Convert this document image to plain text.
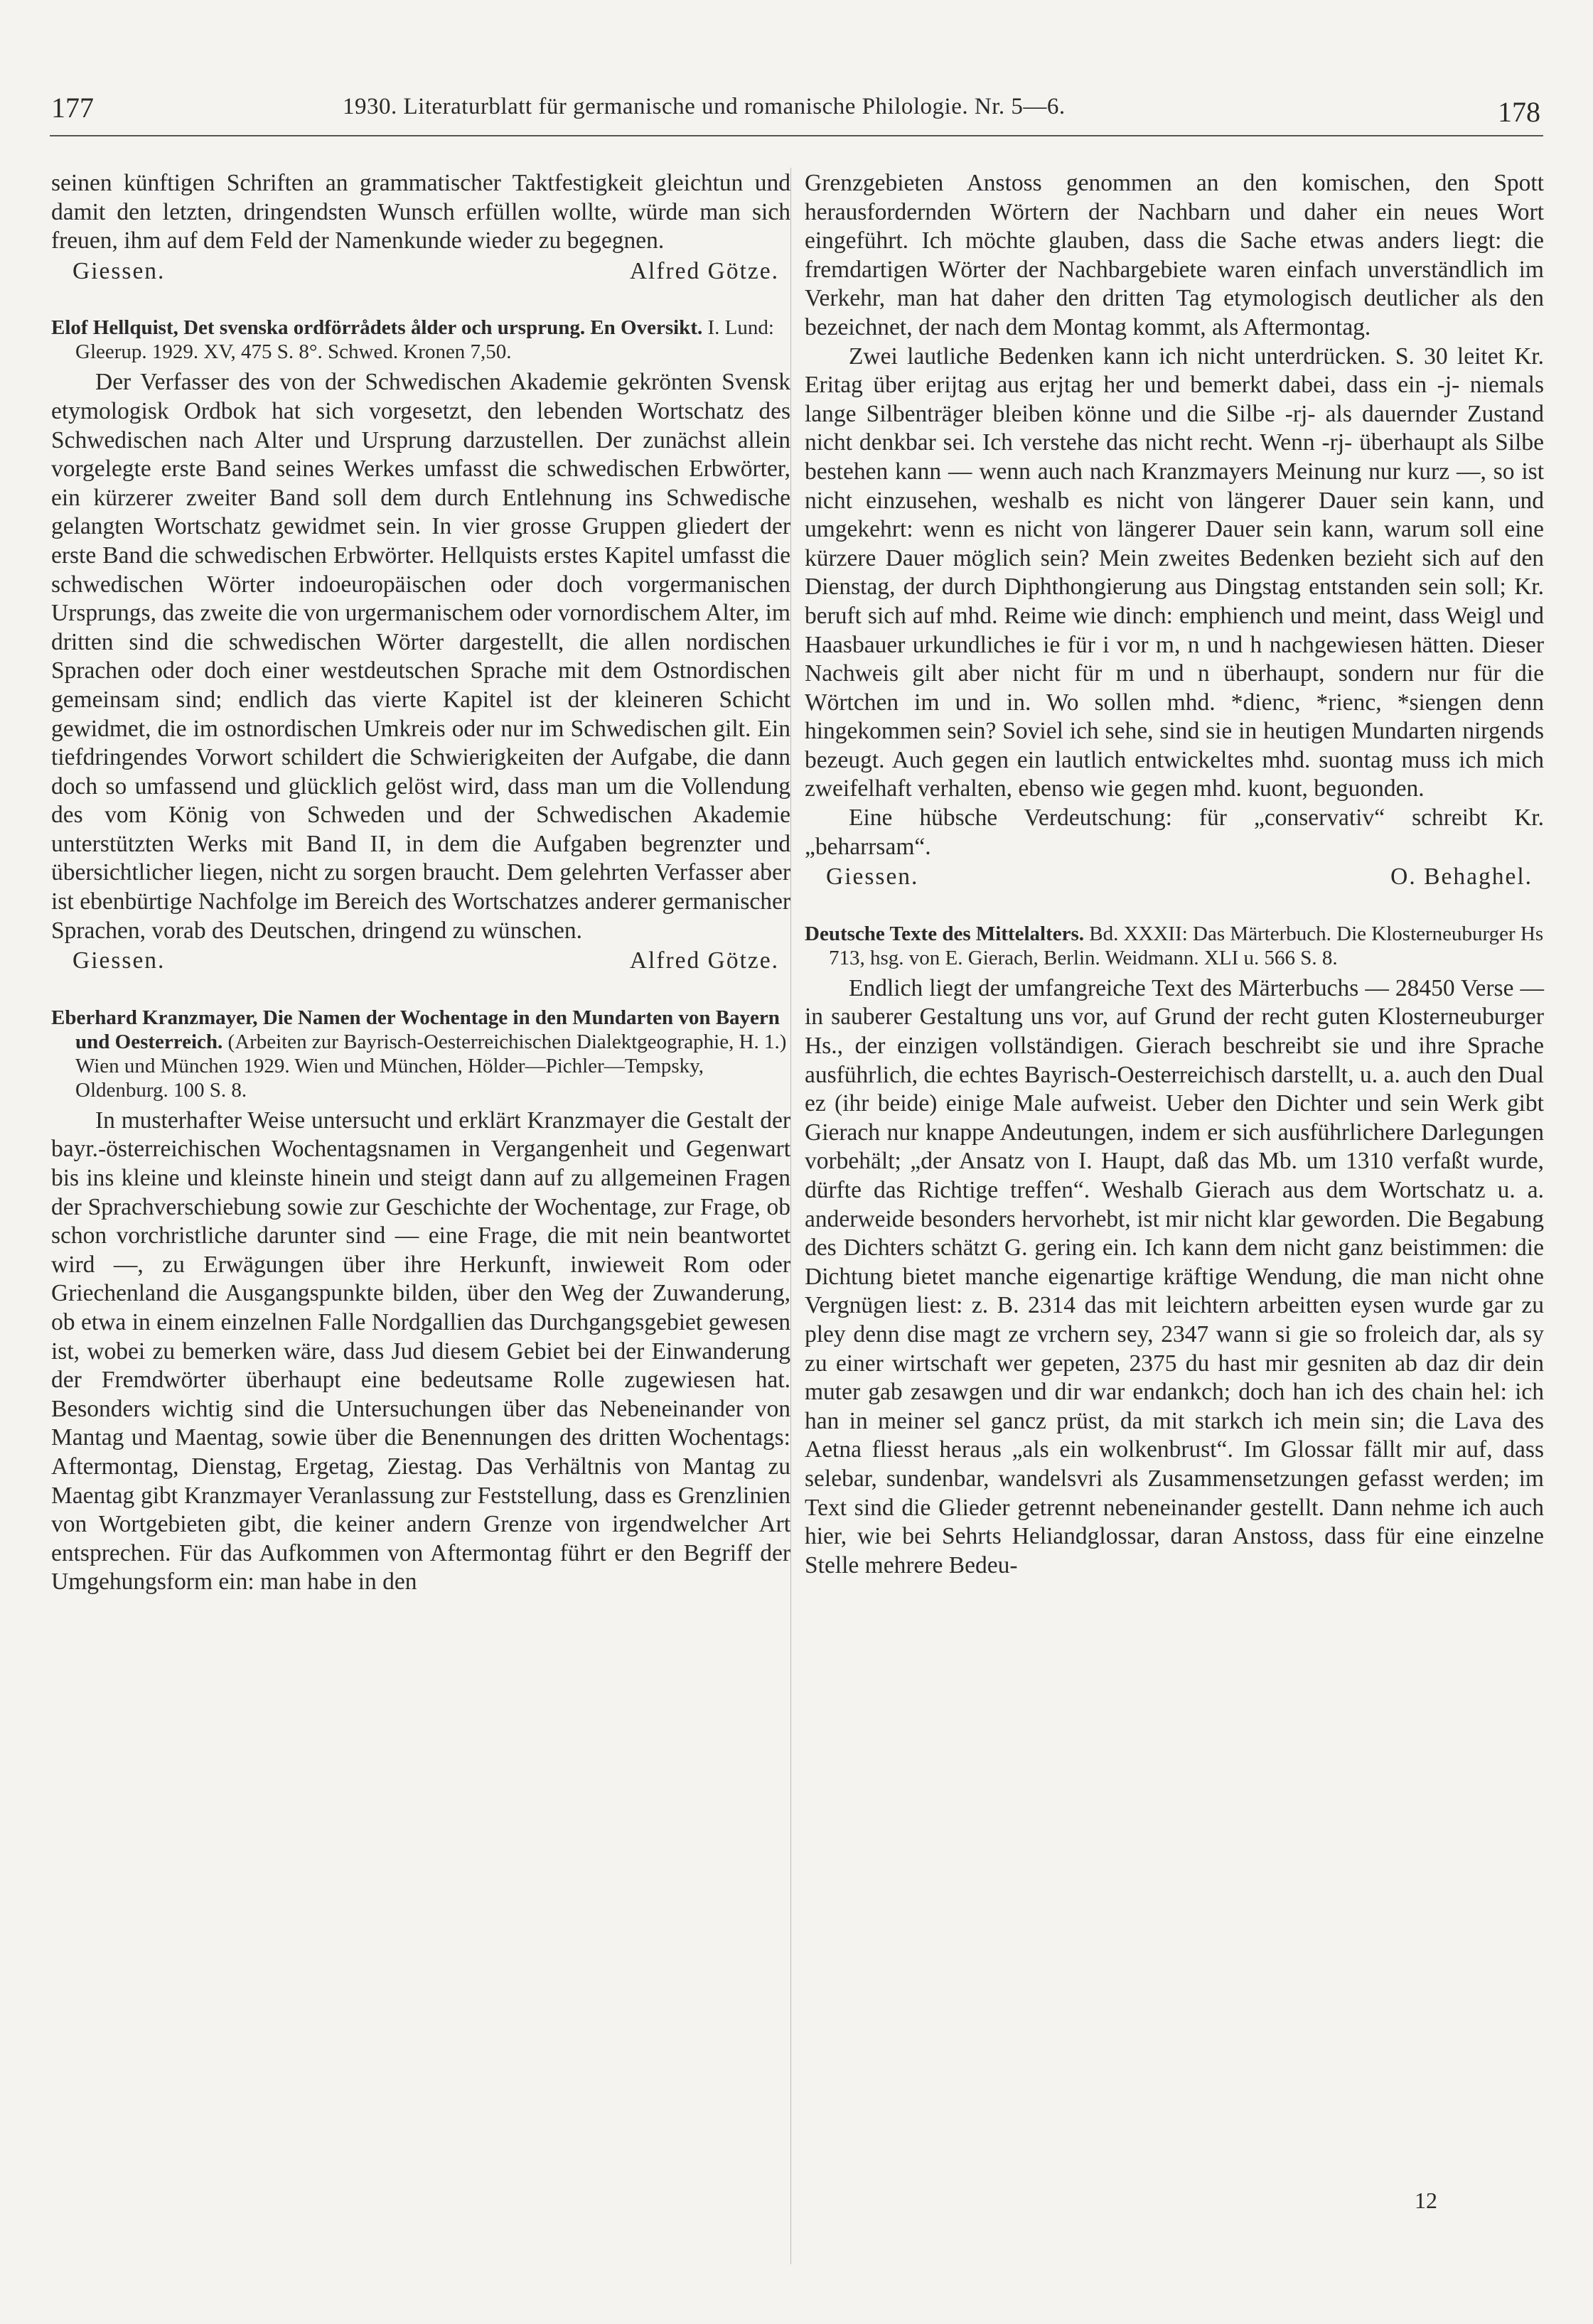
177	1930. Literaturblatt für germanische und romanische Philologie. Nr. 5—6.	178

seinen künftigen Schriften an grammatischer Taktfestigkeit gleichtun und damit den letzten, dringendsten Wunsch erfüllen wollte, würde man sich freuen, ihm auf dem Feld der Namenkunde wieder zu begegnen.

Giessen.	Alfred Götze.
Elof Hellquist, Det svenska ordförrådets ålder och ursprung. En Oversikt. I. Lund: Gleerup. 1929. XV, 475 S. 8°. Schwed. Kronen 7,50.

Der Verfasser des von der Schwedischen Akademie gekrönten Svensk etymologisk Ordbok hat sich vorgesetzt, den lebenden Wortschatz des Schwedischen nach Alter und Ursprung darzustellen. Der zunächst allein vorgelegte erste Band seines Werkes umfasst die schwedischen Erbwörter, ein kürzerer zweiter Band soll dem durch Entlehnung ins Schwedische gelangten Wortschatz gewidmet sein. In vier grosse Gruppen gliedert der erste Band die schwedischen Erbwörter. Hellquists erstes Kapitel umfasst die schwedischen Wörter indoeuropäischen oder doch vorgermanischen Ursprungs, das zweite die von urgermanischem oder vornordischem Alter, im dritten sind die schwedischen Wörter dargestellt, die allen nordischen Sprachen oder doch einer westdeutschen Sprache mit dem Ostnordischen gemeinsam sind; endlich das vierte Kapitel ist der kleineren Schicht gewidmet, die im ostnordischen Umkreis oder nur im Schwedischen gilt. Ein tiefdringendes Vorwort schildert die Schwierigkeiten der Aufgabe, die dann doch so umfassend und glücklich gelöst wird, dass man um die Vollendung des vom König von Schweden und der Schwedischen Akademie unterstützten Werks mit Band II, in dem die Aufgaben begrenzter und übersichtlicher liegen, nicht zu sorgen braucht. Dem gelehrten Verfasser aber ist ebenbürtige Nachfolge im Bereich des Wortschatzes anderer germanischer Sprachen, vorab des Deutschen, dringend zu wünschen.

Giessen.	Alfred Götze.
Eberhard Kranzmayer, Die Namen der Wochentage in den Mundarten von Bayern und Oesterreich. (Arbeiten zur Bayrisch-Oesterreichischen Dialektgeographie, H. 1.) Wien und München 1929. Wien und München, Hölder—Pichler—Tempsky, Oldenburg. 100 S. 8.

In musterhafter Weise untersucht und erklärt Kranzmayer die Gestalt der bayr.-österreichischen Wochentagsnamen in Vergangenheit und Gegenwart bis ins kleine und kleinste hinein und steigt dann auf zu allgemeinen Fragen der Sprachverschiebung sowie zur Geschichte der Wochentage, zur Frage, ob schon vorchristliche darunter sind — eine Frage, die mit nein beantwortet wird —, zu Erwägungen über ihre Herkunft, inwieweit Rom oder Griechenland die Ausgangspunkte bilden, über den Weg der Zuwanderung, ob etwa in einem einzelnen Falle Nordgallien das Durchgangsgebiet gewesen ist, wobei zu bemerken wäre, dass Jud diesem Gebiet bei der Einwanderung der Fremdwörter überhaupt eine bedeutsame Rolle zugewiesen hat. Besonders wichtig sind die Untersuchungen über das Nebeneinander von Mantag und Maentag, sowie über die Benennungen des dritten Wochentags: Aftermontag, Dienstag, Ergetag, Ziestag. Das Verhältnis von Mantag zu Maentag gibt Kranzmayer Veranlassung zur Feststellung, dass es Grenzlinien von Wortgebieten gibt, die keiner andern Grenze von irgendwelcher Art entsprechen. Für das Aufkommen von Aftermontag führt er den Begriff der Umgehungsform ein: man habe in den

Grenzgebieten Anstoss genommen an den komischen, den Spott herausfordernden Wörtern der Nachbarn und daher ein neues Wort eingeführt. Ich möchte glauben, dass die Sache etwas anders liegt: die fremdartigen Wörter der Nachbargebiete waren einfach unverständlich im Verkehr, man hat daher den dritten Tag etymologisch deutlicher als den bezeichnet, der nach dem Montag kommt, als Aftermontag.

Zwei lautliche Bedenken kann ich nicht unterdrücken. S. 30 leitet Kr. Eritag über erijtag aus erjtag her und bemerkt dabei, dass ein -j- niemals lange Silbenträger bleiben könne und die Silbe -rj- als dauernder Zustand nicht denkbar sei. Ich verstehe das nicht recht. Wenn -rj- überhaupt als Silbe bestehen kann — wenn auch nach Kranzmayers Meinung nur kurz —, so ist nicht einzusehen, weshalb es nicht von längerer Dauer sein kann, und umgekehrt: wenn es nicht von längerer Dauer sein kann, warum soll eine kürzere Dauer möglich sein? Mein zweites Bedenken bezieht sich auf den Dienstag, der durch Diphthongierung aus Dingstag entstanden sein soll; Kr. beruft sich auf mhd. Reime wie dinch: emphiench und meint, dass Weigl und Haasbauer urkundliches ie für i vor m, n und h nachgewiesen hätten. Dieser Nachweis gilt aber nicht für m und n überhaupt, sondern nur für die Wörtchen im und in. Wo sollen mhd. *dienc, *rienc, *siengen denn hingekommen sein? Soviel ich sehe, sind sie in heutigen Mundarten nirgends bezeugt. Auch gegen ein lautlich entwickeltes mhd. suontag muss ich mich zweifelhaft verhalten, ebenso wie gegen mhd. kuont, beguonden.

Eine hübsche Verdeutschung: für „conservativ“ schreibt Kr. „beharrsam“.

Giessen.	O. Behaghel.
Deutsche Texte des Mittelalters. Bd. XXXII: Das Märterbuch. Die Klosterneuburger Hs 713, hsg. von E. Gierach, Berlin. Weidmann. XLI u. 566 S. 8.

Endlich liegt der umfangreiche Text des Märterbuchs — 28450 Verse — in sauberer Gestaltung uns vor, auf Grund der recht guten Klosterneuburger Hs., der einzigen vollständigen. Gierach beschreibt sie und ihre Sprache ausführlich, die echtes Bayrisch-Oesterreichisch darstellt, u. a. auch den Dual ez (ihr beide) einige Male aufweist. Ueber den Dichter und sein Werk gibt Gierach nur knappe Andeutungen, indem er sich ausführlichere Darlegungen vorbehält; „der Ansatz von I. Haupt, daß das Mb. um 1310 verfaßt wurde, dürfte das Richtige treffen“. Weshalb Gierach aus dem Wortschatz u. a. anderweide besonders hervorhebt, ist mir nicht klar geworden. Die Begabung des Dichters schätzt G. gering ein. Ich kann dem nicht ganz beistimmen: die Dichtung bietet manche eigenartige kräftige Wendung, die man nicht ohne Vergnügen liest: z. B. 2314 das mit leichtern arbeitten eysen wurde gar zu pley denn dise magt ze vrchern sey, 2347 wann si gie so froleich dar, als sy zu einer wirtschaft wer gepeten, 2375 du hast mir gesniten ab daz dir dein muter gab zesawgen und dir war endankch; doch han ich des chain hel: ich han in meiner sel gancz prüst, da mit starkch ich mein sin; die Lava des Aetna fliesst heraus „als ein wolkenbrust“. Im Glossar fällt mir auf, dass selebar, sundenbar, wandelsvri als Zusammensetzungen gefasst werden; im Text sind die Glieder getrennt nebeneinander gestellt. Dann nehme ich auch hier, wie bei Sehrts Heliandglossar, daran Anstoss, dass für eine einzelne Stelle mehrere Bedeu-

12
